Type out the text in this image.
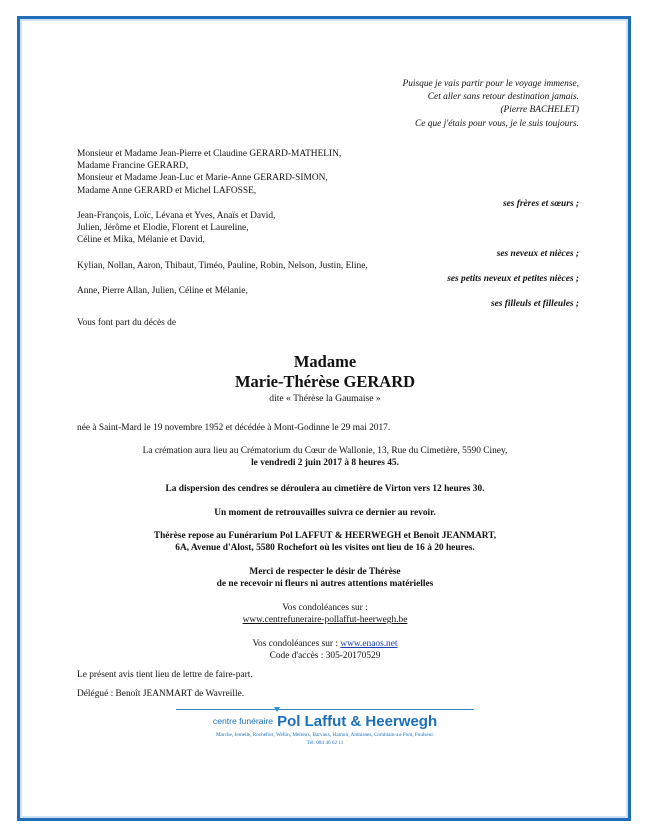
Puisque je vais partir pour le voyage immense,
Cet aller sans retour destination jamais.
(Pierre BACHELET)
Ce que j'étais pour vous, je le suis toujours.
Monsieur et Madame Jean-Pierre et Claudine GERARD-MATHELIN,
Madame Francine GERARD,
Monsieur et Madame Jean-Luc et Marie-Anne GERARD-SIMON,
Madame Anne GERARD et Michel LAFOSSE,
ses frères et sœurs ;
Jean-François, Loïc, Lévana et Yves, Anaïs et David,
Julien, Jérôme et Elodie, Florent et Laureline,
Céline et Mika, Mélanie et David,
ses neveux et nièces ;
Kylian, Nollan, Aaron, Thibaut, Timéo, Pauline, Robin, Nelson, Justin, Eline,
ses petits neveux et petites nièces ;
Anne, Pierre Allan, Julien, Céline et Mélanie,
ses filleuls et filleules ;
Vous font part du décès de
Madame
Marie-Thérèse GERARD
dite « Thérèse la Gaumaise »
née à Saint-Mard le 19 novembre 1952 et décédée à Mont-Godinne le 29 mai 2017.
La crémation aura lieu au Crématorium du Cœur de Wallonie, 13, Rue du Cimetière, 5590 Ciney,
le vendredi 2 juin 2017 à 8 heures 45.
La dispersion des cendres se déroulera au cimetière de Virton vers 12 heures 30.
Un moment de retrouvailles suivra ce dernier au revoir.
Thérèse repose au Funérarium Pol LAFFUT & HEERWEGH et Benoît JEANMART,
6A, Avenue d'Alost, 5580 Rochefort où les visites ont lieu de 16 à 20 heures.
Merci de respecter le désir de Thérèse
de ne recevoir ni fleurs ni autres attentions matérielles
Vos condoléances sur :
www.centrefuneraire-pollaffut-heerwegh.be
Vos condoléances sur : www.enaos.net
Code d'accès : 305-20170529
Le présent avis tient lieu de lettre de faire-part.
Délégué : Benoît JEANMART de Wavreille.
centre funéraire Pol Laffut & Heerwegh
Marche, Jemelle, Rochefort, Wellin, Melreux, Barvaux, Hamoir, Anthisnes, Comblain-au-Pont, Poulseur.
Tél: 084 46 62 11
